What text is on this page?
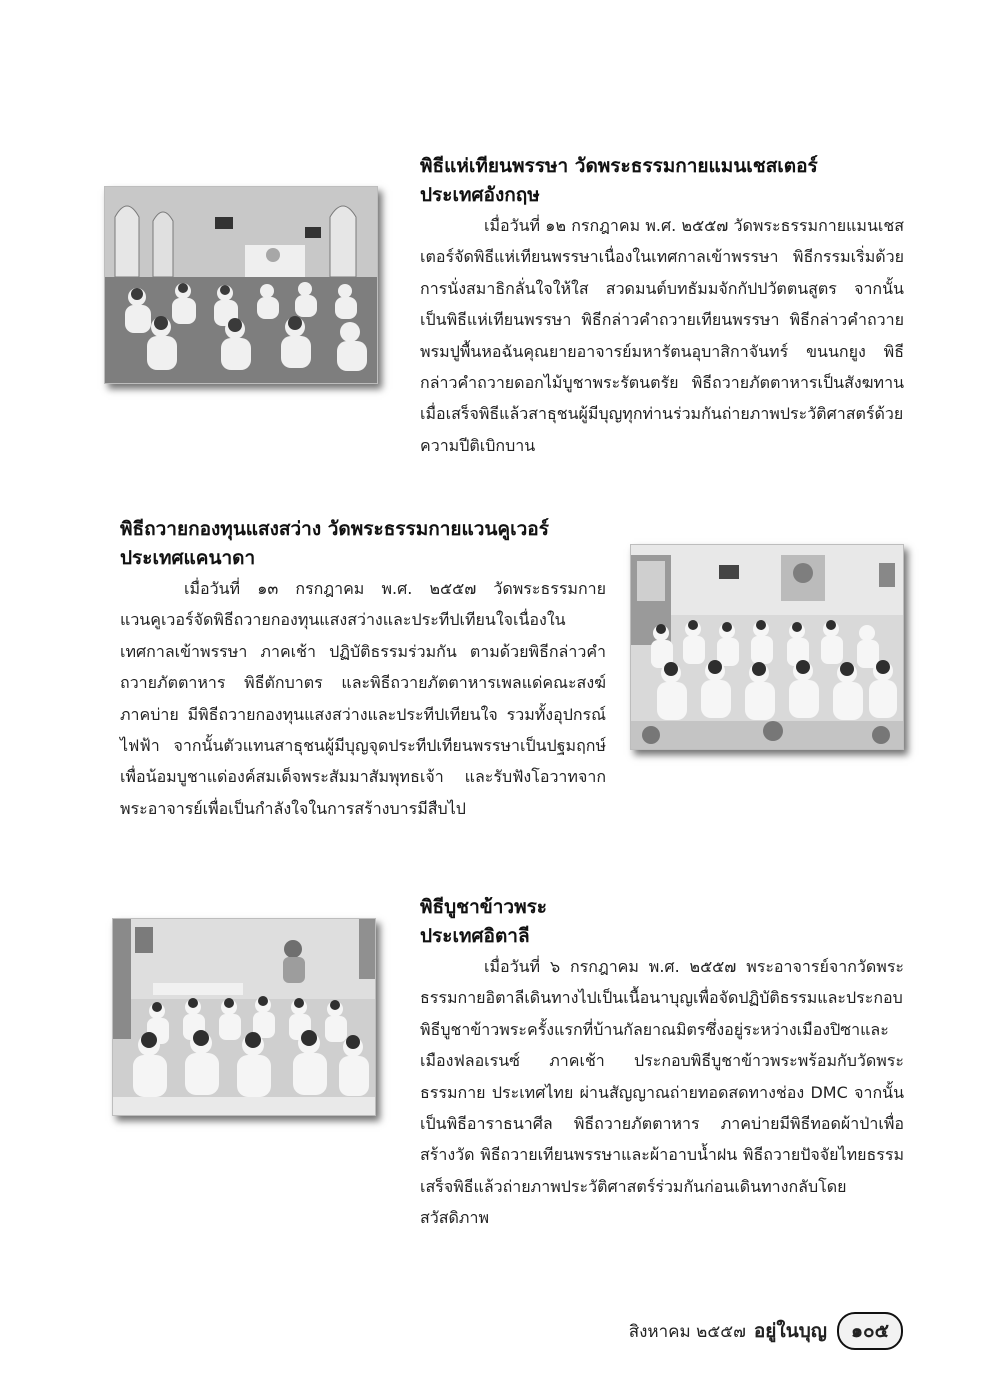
พิธีแห่เทียนพรรษา วัดพระธรรมกายแมนเชสเตอร์
ประเทศอังกฤษ

เมื่อวันที่ ๑๒ กรกฎาคม พ.ศ. ๒๕๕๗ วัดพระธรรมกายแมนเชสเตอร์จัดพิธีแห่เทียนพรรษาเนื่องในเทศกาลเข้าพรรษา พิธีกรรมเริ่มด้วยการนั่งสมาธิกลั่นใจให้ใส สวดมนต์บทธัมมจักกัปปวัตตนสูตร จากนั้นเป็นพิธีแห่เทียนพรรษา พิธีกล่าวคำถวายเทียนพรรษา พิธีกล่าวคำถวายพรมปูพื้นหอฉันคุณยายอาจารย์มหารัตนอุบาสิกาจันทร์ ขนนกยูง พิธีกล่าวคำถวายดอกไม้บูชาพระรัตนตรัย พิธีถวายภัตตาหารเป็นสังฆทาน เมื่อเสร็จพิธีแล้วสาธุชนผู้มีบุญทุกท่านร่วมกันถ่ายภาพประวัติศาสตร์ด้วยความปีติเบิกบาน

พิธีถวายกองทุนแสงสว่าง วัดพระธรรมกายแวนคูเวอร์
ประเทศแคนาดา

เมื่อวันที่ ๑๓ กรกฎาคม พ.ศ. ๒๕๕๗ วัดพระธรรมกายแวนคูเวอร์จัดพิธีถวายกองทุนแสงสว่างและประทีปเทียนใจเนื่องในเทศกาลเข้าพรรษา ภาคเช้า ปฏิบัติธรรมร่วมกัน ตามด้วยพิธีกล่าวคำถวายภัตตาหาร พิธีตักบาตร และพิธีถวายภัตตาหารเพลแด่คณะสงฆ์ ภาคบ่าย มีพิธีถวายกองทุนแสงสว่างและประทีปเทียนใจ รวมทั้งอุปกรณ์ไฟฟ้า จากนั้นตัวแทนสาธุชนผู้มีบุญจุดประทีปเทียนพรรษาเป็นปฐมฤกษ์ เพื่อน้อมบูชาแด่องค์สมเด็จพระสัมมาสัมพุทธเจ้า และรับฟังโอวาทจากพระอาจารย์เพื่อเป็นกำลังใจในการสร้างบารมีสืบไป

พิธีบูชาข้าวพระ
ประเทศอิตาลี

เมื่อวันที่ ๖ กรกฎาคม พ.ศ. ๒๕๕๗ พระอาจารย์จากวัดพระธรรมกายอิตาลีเดินทางไปเป็นเนื้อนาบุญเพื่อจัดปฏิบัติธรรมและประกอบพิธีบูชาข้าวพระครั้งแรกที่บ้านกัลยาณมิตรซึ่งอยู่ระหว่างเมืองปิซาและเมืองฟลอเรนซ์ ภาคเช้า ประกอบพิธีบูชาข้าวพระพร้อมกับวัดพระธรรมกาย ประเทศไทย ผ่านสัญญาณถ่ายทอดสดทางช่อง DMC จากนั้นเป็นพิธีอาราธนาศีล พิธีถวายภัตตาหาร ภาคบ่ายมีพิธีทอดผ้าป่าเพื่อสร้างวัด พิธีถวายเทียนพรรษาและผ้าอาบน้ำฝน พิธีถวายปัจจัยไทยธรรม เสร็จพิธีแล้วถ่ายภาพประวัติศาสตร์ร่วมกันก่อนเดินทางกลับโดยสวัสดิภาพ

สิงหาคม ๒๕๕๗ อยู่ในบุญ	๑๐๕
